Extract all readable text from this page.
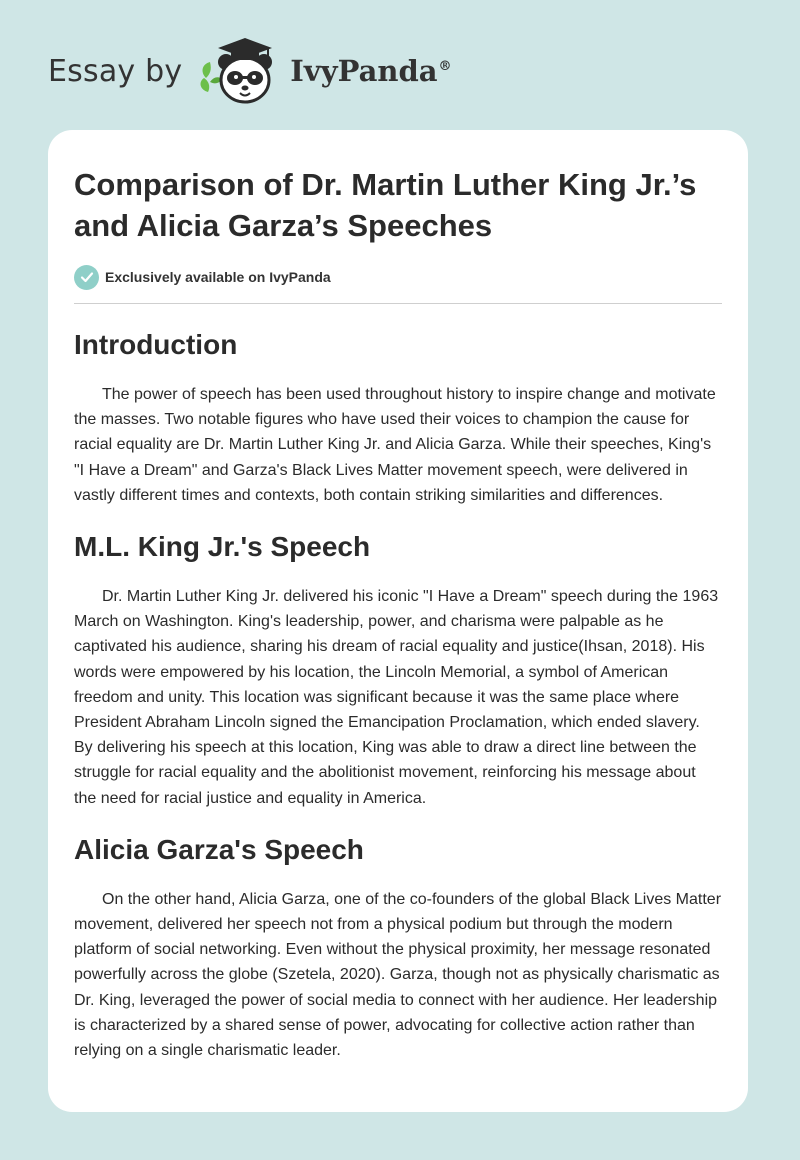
Essay by	IvyPanda®
Comparison of Dr. Martin Luther King Jr.’s and Alicia Garza’s Speeches
Exclusively available on IvyPanda
Introduction

The power of speech has been used throughout history to inspire change and motivate the masses. Two notable figures who have used their voices to champion the cause for racial equality are Dr. Martin Luther King Jr. and Alicia Garza. While their speeches, King's "I Have a Dream" and Garza's Black Lives Matter movement speech, were delivered in vastly different times and contexts, both contain striking similarities and differences.

M.L. King Jr.'s Speech

Dr. Martin Luther King Jr. delivered his iconic "I Have a Dream" speech during the 1963 March on Washington. King's leadership, power, and charisma were palpable as he captivated his audience, sharing his dream of racial equality and justice(Ihsan, 2018). His words were empowered by his location, the Lincoln Memorial, a symbol of American freedom and unity. This location was significant because it was the same place where President Abraham Lincoln signed the Emancipation Proclamation, which ended slavery. By delivering his speech at this location, King was able to draw a direct line between the struggle for racial equality and the abolitionist movement, reinforcing his message about the need for racial justice and equality in America.

Alicia Garza's Speech

On the other hand, Alicia Garza, one of the co-founders of the global Black Lives Matter movement, delivered her speech not from a physical podium but through the modern platform of social networking. Even without the physical proximity, her message resonated powerfully across the globe (Szetela, 2020). Garza, though not as physically charismatic as Dr. King, leveraged the power of social media to connect with her audience. Her leadership is characterized by a shared sense of power, advocating for collective action rather than relying on a single charismatic leader.
